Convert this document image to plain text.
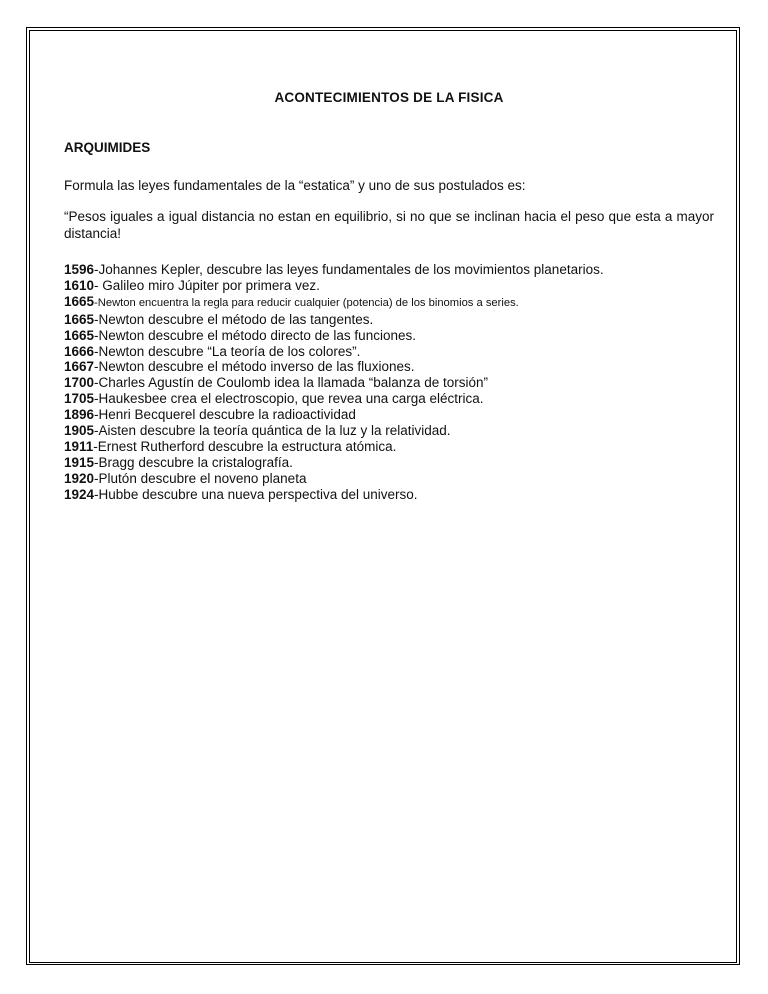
ACONTECIMIENTOS DE LA FISICA
ARQUIMIDES

Formula las leyes fundamentales de la “estatica” y uno de sus postulados es:

“Pesos iguales a igual distancia no estan en equilibrio, si no que se inclinan hacia el peso que esta a mayor distancia!

1596-Johannes Kepler, descubre las leyes fundamentales de los movimientos planetarios.
1610- Galileo miro Júpiter por primera vez.
1665-Newton encuentra la regla para reducir cualquier (potencia) de los binomios a series.
1665-Newton descubre el método de las tangentes.
1665-Newton descubre el método directo de las funciones.
1666-Newton descubre “La teoría de los colores”.
1667-Newton descubre el método inverso de las fluxiones.
1700-Charles Agustín de Coulomb idea la llamada “balanza de torsión”
1705-Haukesbee crea el electroscopio, que revea una carga eléctrica.
1896-Henri Becquerel descubre la radioactividad
1905-Aisten descubre la teoría quántica de la luz y la relatividad.
1911-Ernest Rutherford descubre la estructura atómica.
1915-Bragg descubre la cristalografía.
1920-Plutón descubre el noveno planeta
1924-Hubbe descubre una nueva perspectiva del universo.
